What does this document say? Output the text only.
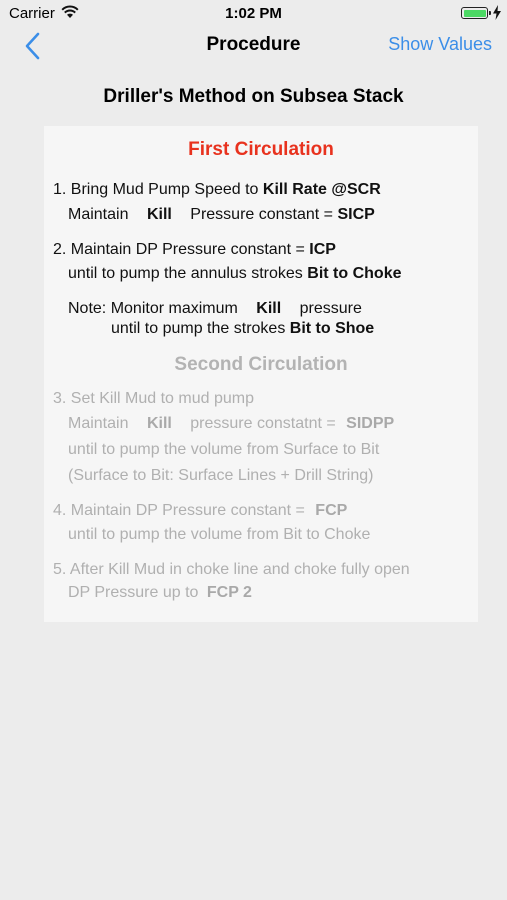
Carrier	1:02 PM
Procedure	Show Values
Driller's Method on Subsea Stack
First Circulation
1. Bring Mud Pump Speed to Kill Rate @SCR
Maintain Kill Pressure constant = SICP
2. Maintain DP Pressure constant = ICP
until to pump the annulus strokes Bit to Choke
Note: Monitor maximum Kill pressure
until to pump the strokes Bit to Shoe
Second Circulation
3. Set Kill Mud to mud pump
Maintain Kill pressure constatnt = SIDPP
until to pump the volume from Surface to Bit
(Surface to Bit: Surface Lines + Drill String)
4. Maintain DP Pressure constant = FCP
until to pump the volume from Bit to Choke
5. After Kill Mud in choke line and choke fully open
DP Pressure up to FCP 2
